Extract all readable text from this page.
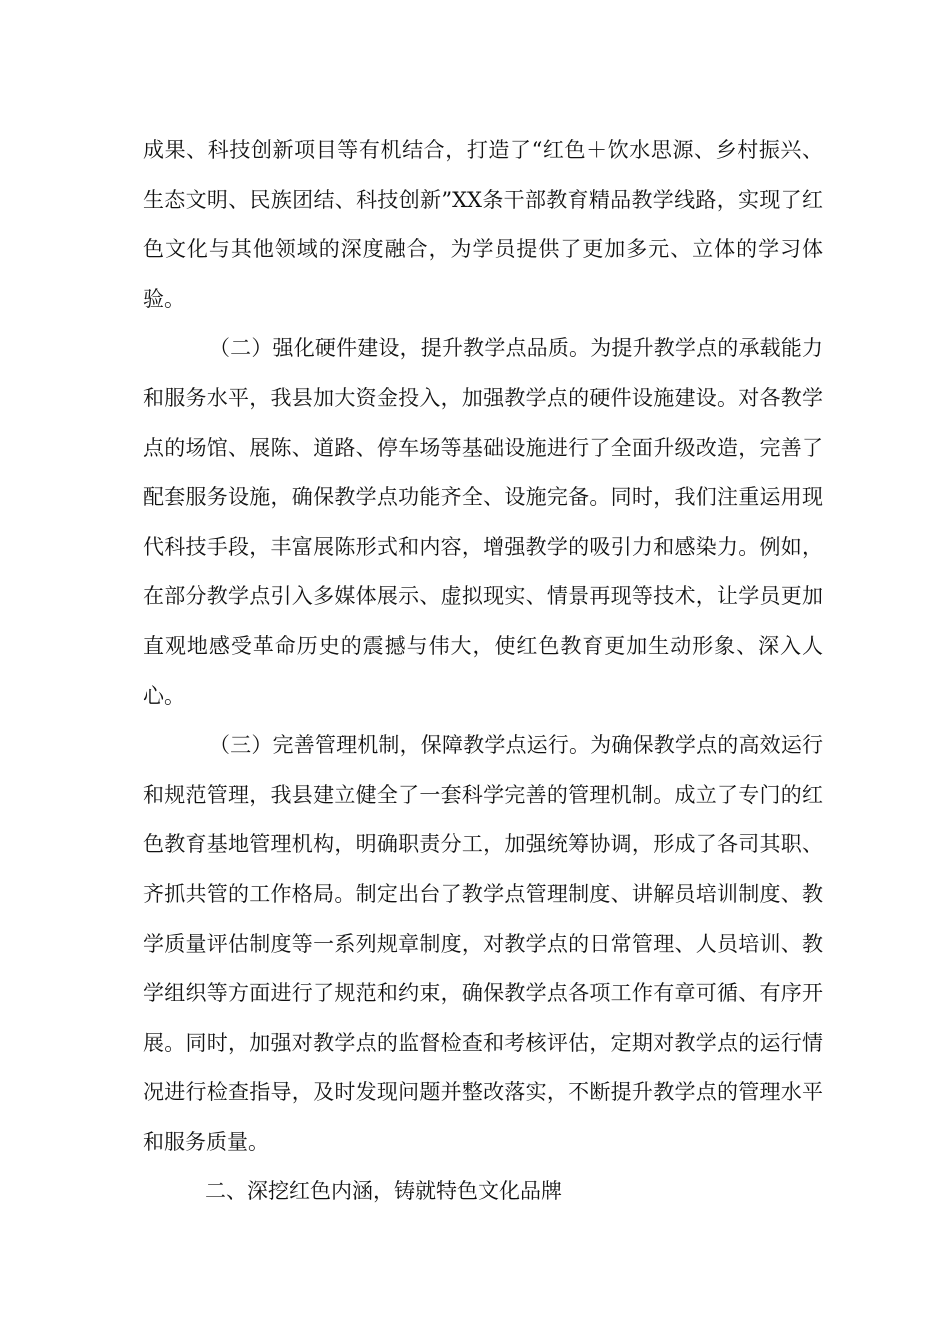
成果、科技创新项目等有机结合，打造了“红色＋饮水思源、乡村振兴、生态文明、民族团结、科技创新”XX条干部教育精品教学线路，实现了红色文化与其他领域的深度融合，为学员提供了更加多元、立体的学习体验。

（二）强化硬件建设，提升教学点品质。为提升教学点的承载能力和服务水平，我县加大资金投入，加强教学点的硬件设施建设。对各教学点的场馆、展陈、道路、停车场等基础设施进行了全面升级改造，完善了配套服务设施，确保教学点功能齐全、设施完备。同时，我们注重运用现代科技手段，丰富展陈形式和内容，增强教学的吸引力和感染力。例如，在部分教学点引入多媒体展示、虚拟现实、情景再现等技术，让学员更加直观地感受革命历史的震撼与伟大，使红色教育更加生动形象、深入人心。

（三）完善管理机制，保障教学点运行。为确保教学点的高效运行和规范管理，我县建立健全了一套科学完善的管理机制。成立了专门的红色教育基地管理机构，明确职责分工，加强统筹协调，形成了各司其职、齐抓共管的工作格局。制定出台了教学点管理制度、讲解员培训制度、教学质量评估制度等一系列规章制度，对教学点的日常管理、人员培训、教学组织等方面进行了规范和约束，确保教学点各项工作有章可循、有序开展。同时，加强对教学点的监督检查和考核评估，定期对教学点的运行情况进行检查指导，及时发现问题并整改落实，不断提升教学点的管理水平和服务质量。

二、深挖红色内涵，铸就特色文化品牌
